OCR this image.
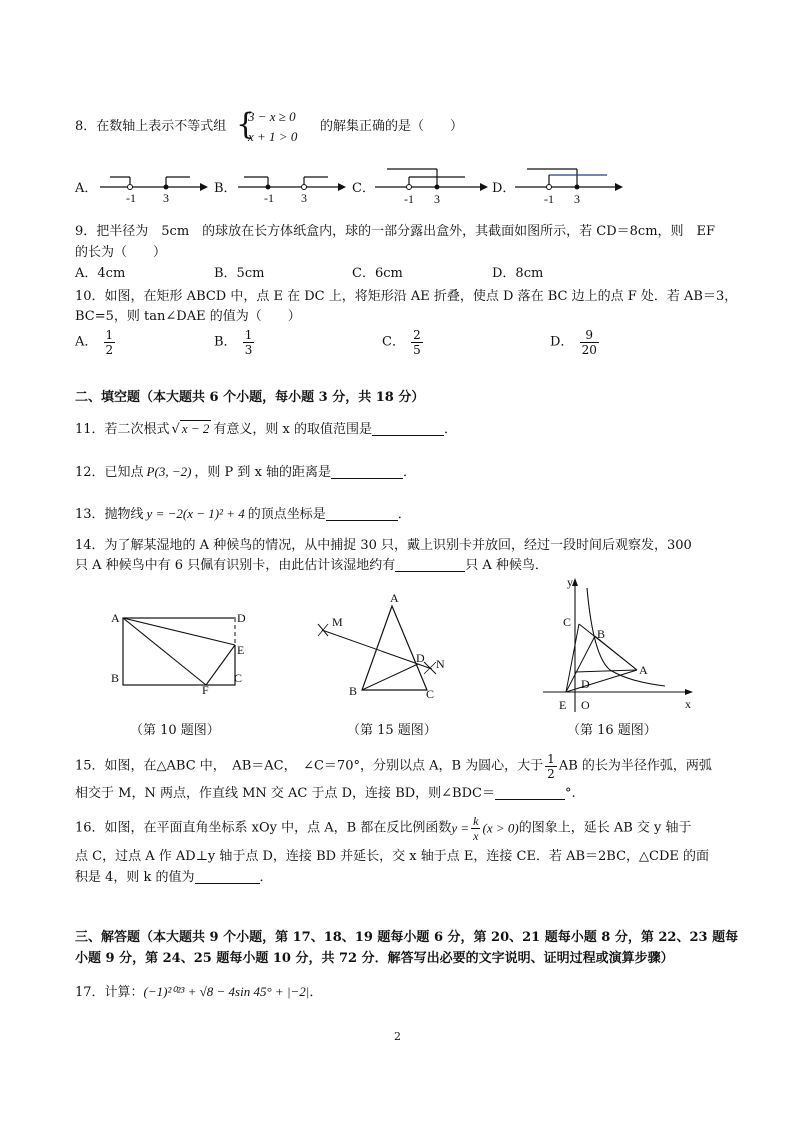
8．在数轴上表示不等式组 {
3 − x ≥ 0
x + 1 > 0
的解集正确的是（　　）
A．
-1 3
B．
-1 3
C．
-1 3
D．
-1 3
9．把半径为　5cm　的球放在长方体纸盒内，球的一部分露出盒外，其截面如图所示，若 CD＝8cm，则　EF
的长为（　　）
A．4cm	B．5cm	C．6cm	D．8cm
10．如图，在矩形 ABCD 中，点 E 在 DC 上，将矩形沿 AE 折叠，使点 D 落在 BC 边上的点 F 处．若 AB＝3，
BC=5，则 tan∠DAE 的值为（　　）
A． $\frac{1}{2}$	B． $\frac{1}{3}$	C． $\frac{2}{5}$	D． $\frac{9}{20}$
二、填空题（本大题共 6 个小题，每小题 3 分，共 18 分）
11．若二次根式 √ x − 2 有意义，则 x 的取值范围是	．
12．已知点 P(3, −2) ，则 P 到 x 轴的距离是	．
13．抛物线 y = −2(x − 1)² + 4 的顶点坐标是	．
14．为了解某湿地的 A 种候鸟的情况，从中捕捉 30 只，戴上识别卡并放回，经过一段时间后观察发，300
只 A 种候鸟中有 6 只佩有识别卡，由此估计该湿地约有	只 A 种候鸟．
A	D
E
B	C
F
（第 10 题图）
A
M
D N
B	C
（第 15 题图）
y
C
B
A
D
E O	x
（第 16 题图）
15．如图，在△ABC 中，　AB＝AC，　∠C＝70°，分别以点 A，B 为圆心，大于 $\frac{1}{2}$ AB 的长为半径作弧，两弧
相交于 M，N 两点，作直线 MN 交 AC 于点 D，连接 BD，则∠BDC＝	°.
16．如图，在平面直角坐标系 xOy 中，点 A，B 都在反比例函数$y = \frac{k}{x} (x > 0)$的图象上，延长 AB 交 y 轴于
点 C，过点 A 作 AD⊥y 轴于点 D，连接 BD 并延长，交 x 轴于点 E，连接 CE．若 AB＝2BC，△CDE 的面
积是 4，则 k 的值为	．
三、解答题（本大题共 9 个小题，第 17、18、19 题每小题 6 分，第 20、21 题每小题 8 分，第 22、23 题每
小题 9 分，第 24、25 题每小题 10 分，共 72 分．解答写出必要的文字说明、证明过程或演算步骤）
17．计算：(−1)²⁰²³ + √8 − 4sin 45° + |−2|．
2
